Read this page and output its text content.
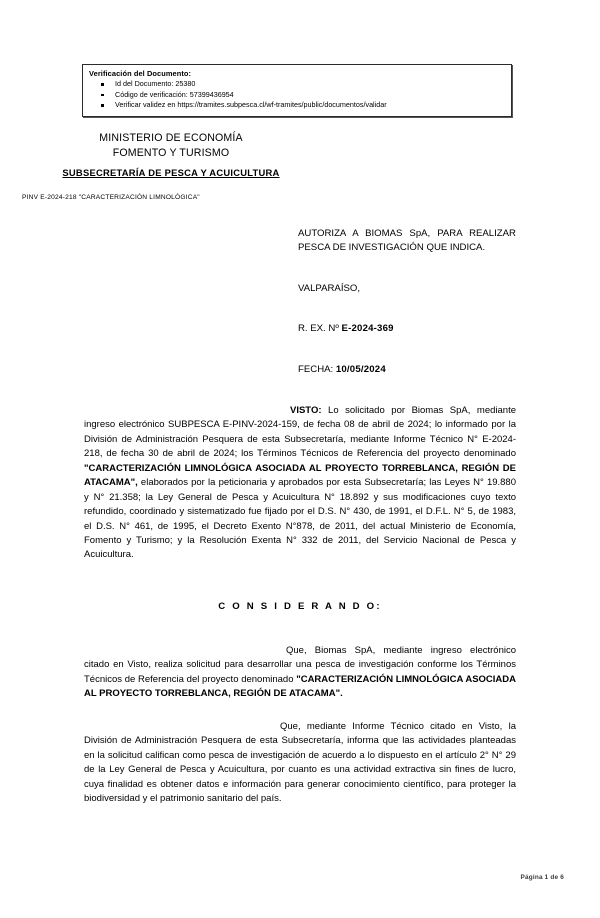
Verificación del Documento:
Id del Documento: 25380
Código de verificación: 57399436954
Verificar validez en https://tramites.subpesca.cl/wf-tramites/public/documentos/validar
MINISTERIO DE ECONOMÍA
FOMENTO Y TURISMO
SUBSECRETARÍA DE PESCA Y ACUICULTURA
PINV E-2024-218 "CARACTERIZACIÓN LIMNOLÓGICA"
AUTORIZA A BIOMAS SpA, PARA REALIZAR PESCA DE INVESTIGACIÓN QUE INDICA.
VALPARAÍSO,
R. EX. Nº E-2024-369
FECHA: 10/05/2024

VISTO: Lo solicitado por Biomas SpA, mediante ingreso electrónico SUBPESCA E-PINV-2024-159, de fecha 08 de abril de 2024; lo informado por la División de Administración Pesquera de esta Subsecretaría, mediante Informe Técnico N° E-2024-218, de fecha 30 de abril de 2024; los Términos Técnicos de Referencia del proyecto denominado "CARACTERIZACIÓN LIMNOLÓGICA ASOCIADA AL PROYECTO TORREBLANCA, REGIÓN DE ATACAMA", elaborados por la peticionaria y aprobados por esta Subsecretaría; las Leyes N° 19.880 y N° 21.358; la Ley General de Pesca y Acuicultura N° 18.892 y sus modificaciones cuyo texto refundido, coordinado y sistematizado fue fijado por el D.S. N° 430, de 1991, el D.F.L. N° 5, de 1983, el D.S. N° 461, de 1995, el Decreto Exento N°878, de 2011, del actual Ministerio de Economía, Fomento y Turismo; y la Resolución Exenta N° 332 de 2011, del Servicio Nacional de Pesca y Acuicultura.

C O N S I D E R A N D O:

Que, Biomas SpA, mediante ingreso electrónico citado en Visto, realiza solicitud para desarrollar una pesca de investigación conforme los Términos Técnicos de Referencia del proyecto denominado "CARACTERIZACIÓN LIMNOLÓGICA ASOCIADA AL PROYECTO TORREBLANCA, REGIÓN DE ATACAMA".

Que, mediante Informe Técnico citado en Visto, la División de Administración Pesquera de esta Subsecretaría, informa que las actividades planteadas en la solicitud califican como pesca de investigación de acuerdo a lo dispuesto en el artículo 2° N° 29 de la Ley General de Pesca y Acuicultura, por cuanto es una actividad extractiva sin fines de lucro, cuya finalidad es obtener datos e información para generar conocimiento científico, para proteger la biodiversidad y el patrimonio sanitario del país.

Página 1 de 6
